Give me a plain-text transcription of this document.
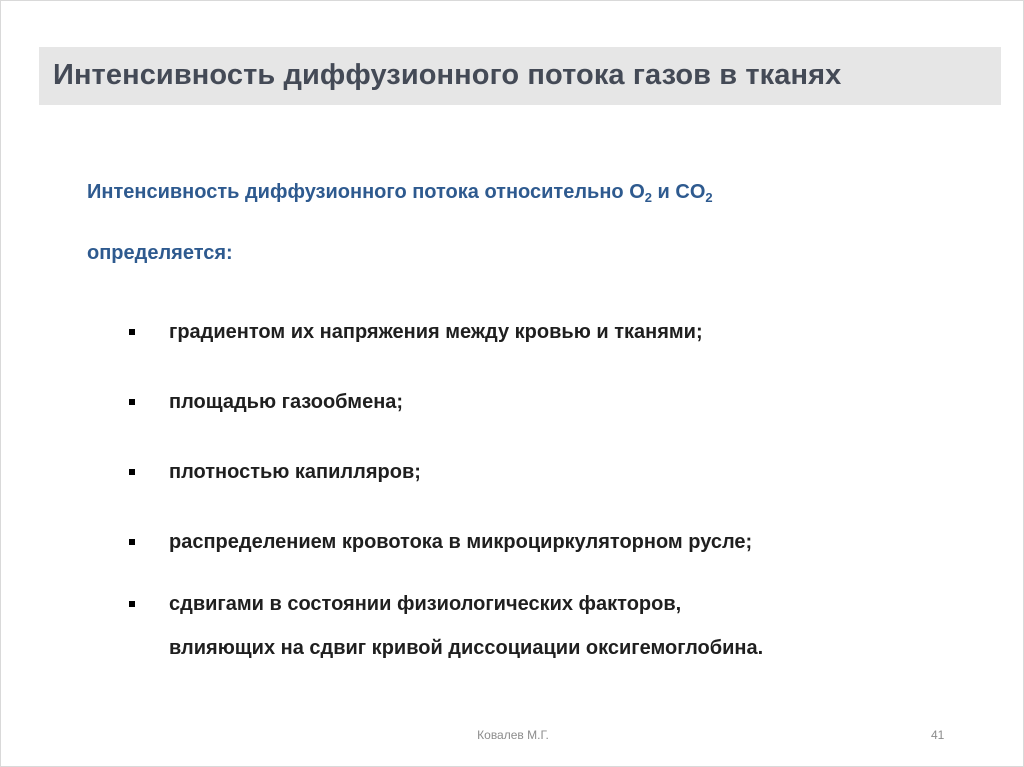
Интенсивность диффузионного потока газов в тканях
Интенсивность диффузионного потока относительно $O_2$ и $CO_2$
определяется:
градиентом их напряжения между кровью и тканями;
площадью газообмена;
плотностью капилляров;
распределением кровотока в микроциркуляторном русле;
сдвигами в состоянии физиологических факторов,
влияющих на сдвиг кривой диссоциации оксигемоглобина.
Ковалев М.Г.	41
